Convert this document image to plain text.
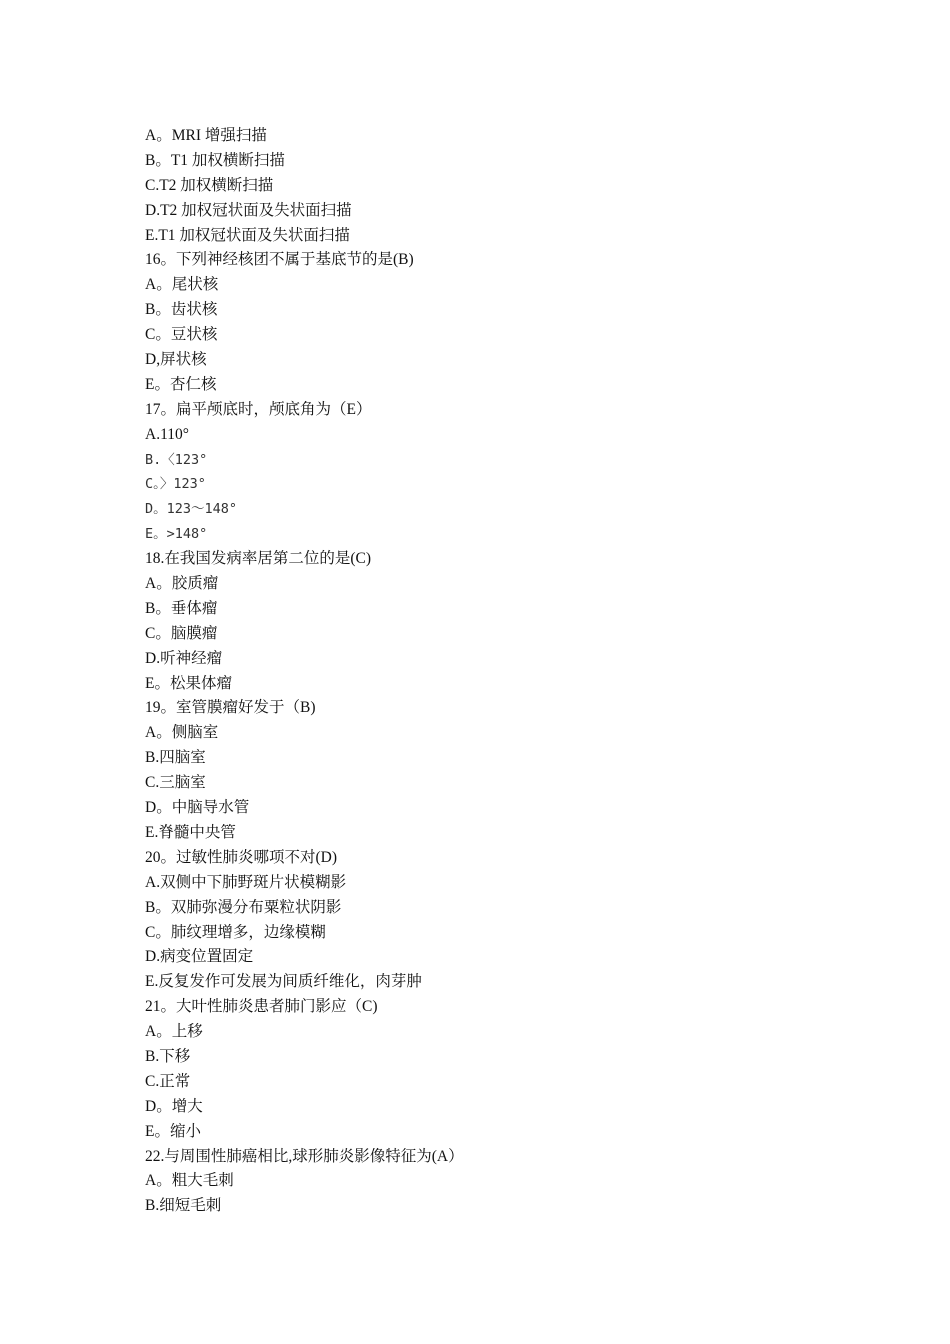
A。MRI 增强扫描
B。T1 加权横断扫描
C.T2 加权横断扫描
D.T2 加权冠状面及失状面扫描
E.T1 加权冠状面及失状面扫描
16。下列神经核团不属于基底节的是(B)
A。尾状核
B。齿状核
C。豆状核
D,屏状核
E。杏仁核
17。扁平颅底时，颅底角为（E）
A.110°
B.〈123°
C。〉123°
D。123～148°
E。>148°
18.在我国发病率居第二位的是(C)
A。胶质瘤
B。垂体瘤
C。脑膜瘤
D.听神经瘤
E。松果体瘤
19。室管膜瘤好发于（B)
A。侧脑室
B.四脑室
C.三脑室
D。中脑导水管
E.脊髓中央管
20。过敏性肺炎哪项不对(D)
A.双侧中下肺野斑片状模糊影
B。双肺弥漫分布粟粒状阴影
C。肺纹理增多，边缘模糊
D.病变位置固定
E.反复发作可发展为间质纤维化，肉芽肿
21。大叶性肺炎患者肺门影应（C)
A。上移
B.下移
C.正常
D。增大
E。缩小
22.与周围性肺癌相比,球形肺炎影像特征为(A）
A。粗大毛刺
B.细短毛刺
